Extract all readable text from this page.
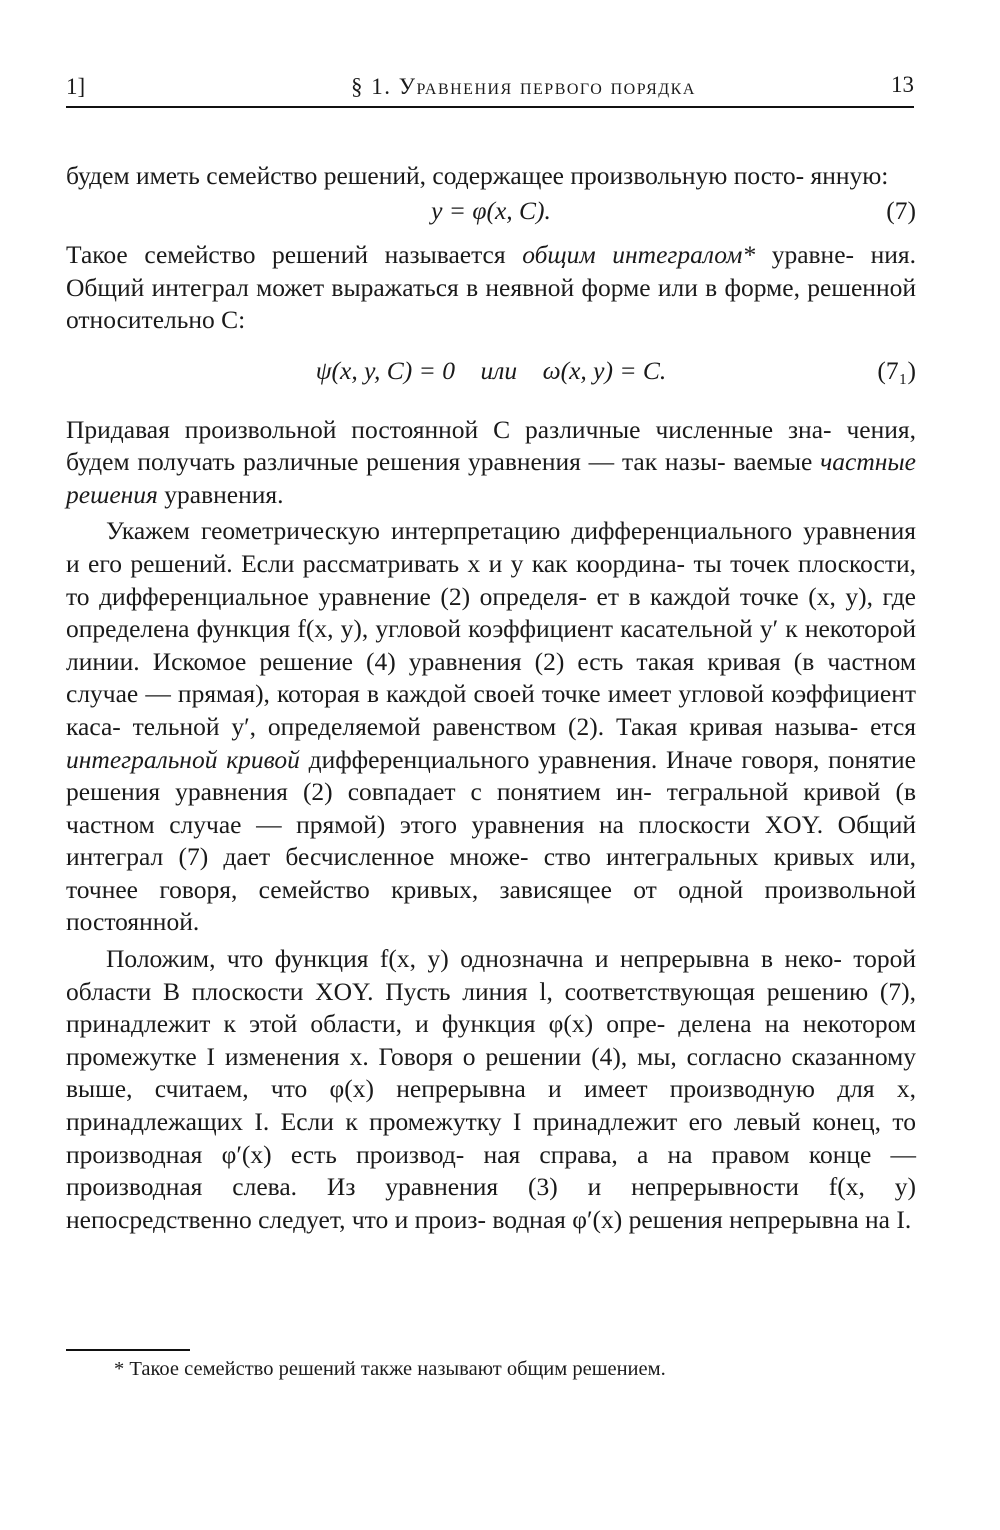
1]	§ 1. Уравнения первого порядка	13

будем иметь семейство решений, содержащее произвольную посто- янную:

y = φ(x, C).	(7)

Такое семейство решений называется общим интегралом* уравне- ния. Общий интеграл может выражаться в неявной форме или в форме, решенной относительно C:

ψ(x, y, C) = 0    или    ω(x, y) = C.	(7₁)

Придавая произвольной постоянной C различные численные зна- чения, будем получать различные решения уравнения — так назы- ваемые частные решения уравнения.

Укажем геометрическую интерпретацию дифференциального уравнения и его решений. Если рассматривать x и y как координа- ты точек плоскости, то дифференциальное уравнение (2) определя- ет в каждой точке (x, y), где определена функция f(x, y), угловой коэффициент касательной y′ к некоторой линии. Искомое решение (4) уравнения (2) есть такая кривая (в частном случае — прямая), которая в каждой своей точке имеет угловой коэффициент каса- тельной y′, определяемой равенством (2). Такая кривая называ- ется интегральной кривой дифференциального уравнения. Иначе говоря, понятие решения уравнения (2) совпадает с понятием ин- тегральной кривой (в частном случае — прямой) этого уравнения на плоскости XOY. Общий интеграл (7) дает бесчисленное множе- ство интегральных кривых или, точнее говоря, семейство кривых, зависящее от одной произвольной постоянной.

Положим, что функция f(x, y) однозначна и непрерывна в неко- торой области B плоскости XOY. Пусть линия l, соответствующая решению (7), принадлежит к этой области, и функция φ(x) опре- делена на некотором промежутке I изменения x. Говоря о решении (4), мы, согласно сказанному выше, считаем, что φ(x) непрерывна и имеет производную для x, принадлежащих I. Если к промежутку I принадлежит его левый конец, то производная φ′(x) есть производ- ная справа, а на правом конце — производная слева. Из уравнения (3) и непрерывности f(x, y) непосредственно следует, что и произ- водная φ′(x) решения непрерывна на I.

* Такое семейство решений также называют общим решением.
